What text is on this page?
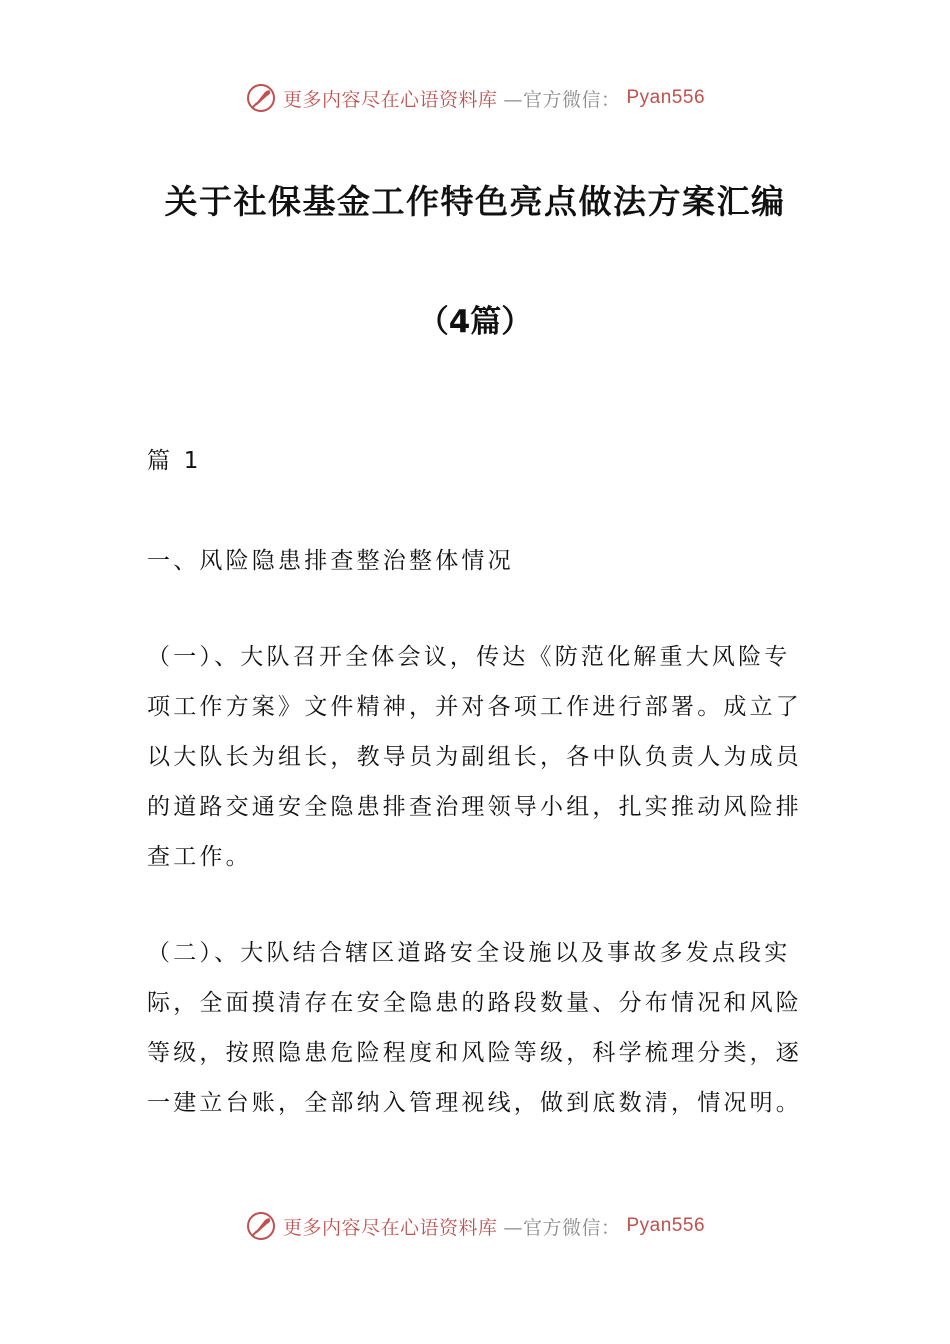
更多内容尽在心语资料库 —官方微信： Pyan556
关于社保基金工作特色亮点做法方案汇编
（4篇）

篇 1

一、风险隐患排查整治整体情况

（一）、大队召开全体会议，传达《防范化解重大风险专项工作方案》文件精神，并对各项工作进行部署。成立了以大队长为组长，教导员为副组长，各中队负责人为成员的道路交通安全隐患排查治理领导小组，扎实推动风险排查工作。

（二）、大队结合辖区道路安全设施以及事故多发点段实际，全面摸清存在安全隐患的路段数量、分布情况和风险等级，按照隐患危险程度和风险等级，科学梳理分类，逐一建立台账，全部纳入管理视线，做到底数清，情况明。

更多内容尽在心语资料库 —官方微信： Pyan556
